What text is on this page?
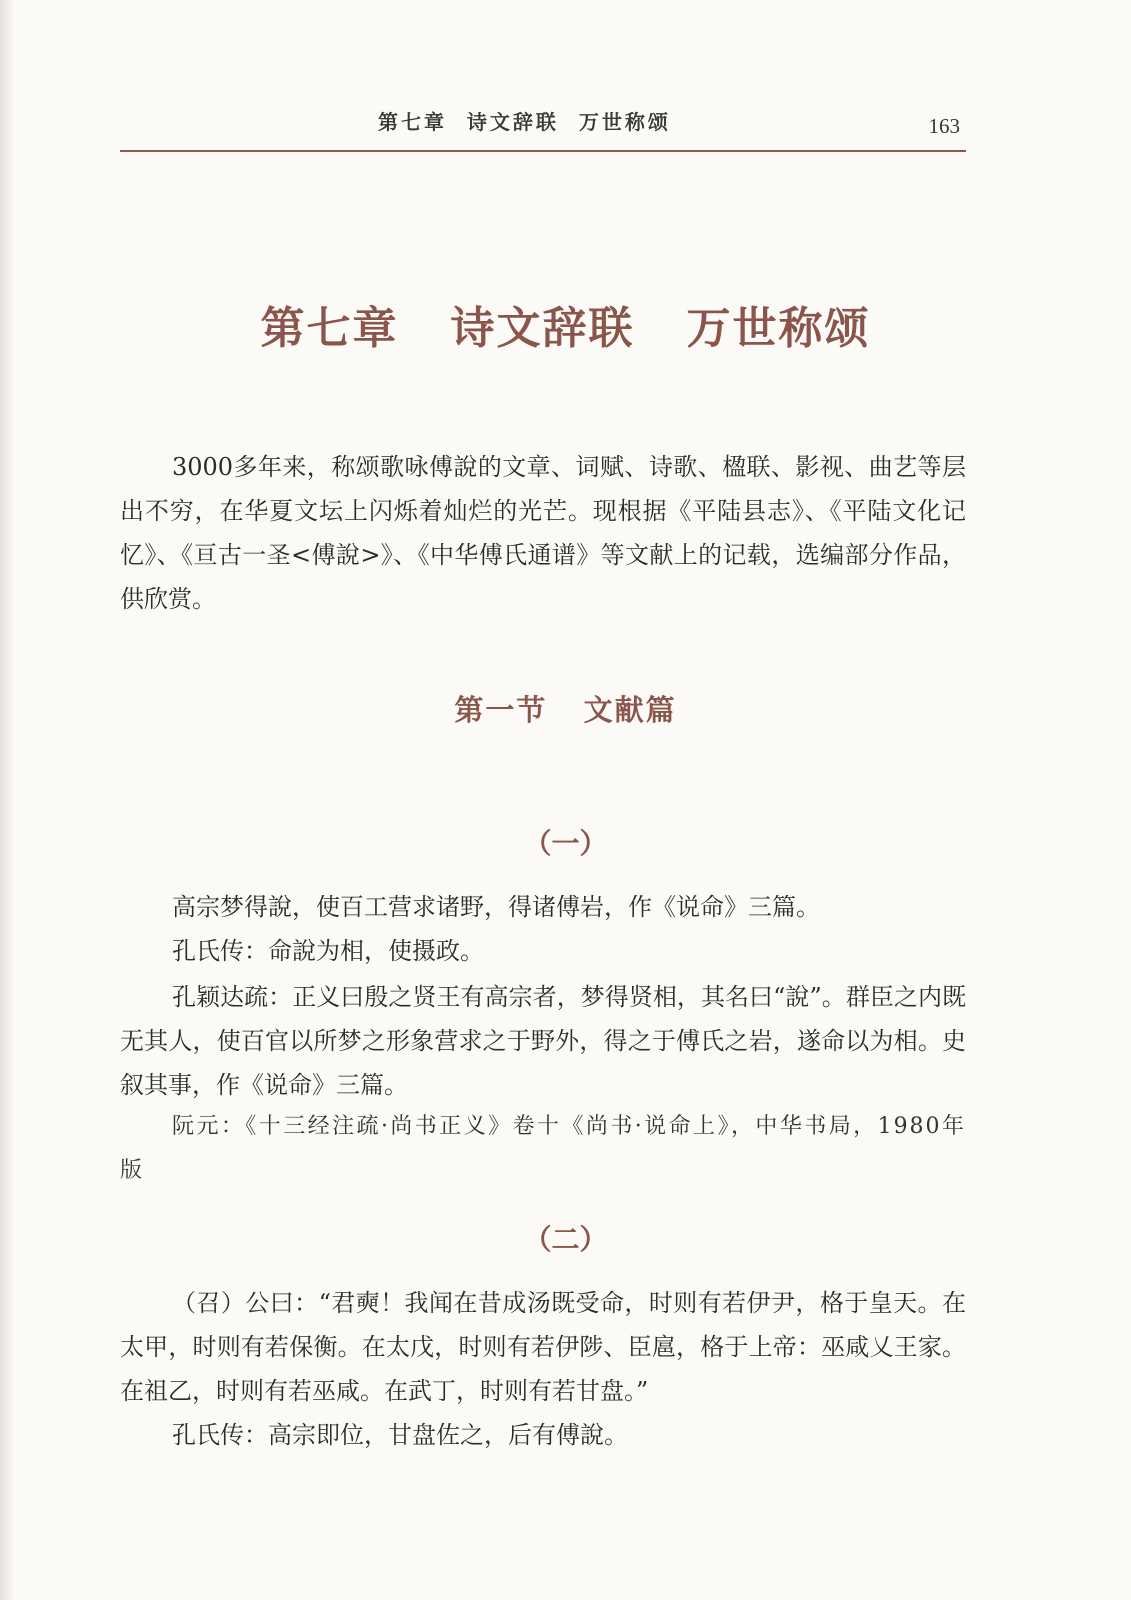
第七章  诗文辞联  万世称颂	163
第七章   诗文辞联   万世称颂

3000多年来，称颂歌咏傅說的文章、词赋、诗歌、楹联、影视、曲艺等层出不穷，在华夏文坛上闪烁着灿烂的光芒。现根据《平陆县志》、《平陆文化记忆》、《亘古一圣<傅說>》、《中华傅氏通谱》等文献上的记载，选编部分作品，供欣赏。

第一节   文献篇
（一）

高宗梦得說，使百工营求诸野，得诸傅岩，作《说命》三篇。

孔氏传：命說为相，使摄政。

孔颖达疏：正义曰殷之贤王有高宗者，梦得贤相，其名曰“說”。群臣之内既无其人，使百官以所梦之形象营求之于野外，得之于傅氏之岩，遂命以为相。史叙其事，作《说命》三篇。

阮元：《十三经注疏·尚书正义》卷十《尚书·说命上》，中华书局，1980年版

（二）

（召）公曰：“君奭！我闻在昔成汤既受命，时则有若伊尹，格于皇天。在太甲，时则有若保衡。在太戊，时则有若伊陟、臣扈，格于上帝：巫咸乂王家。在祖乙，时则有若巫咸。在武丁，时则有若甘盘。”

孔氏传：高宗即位，甘盘佐之，后有傅說。
